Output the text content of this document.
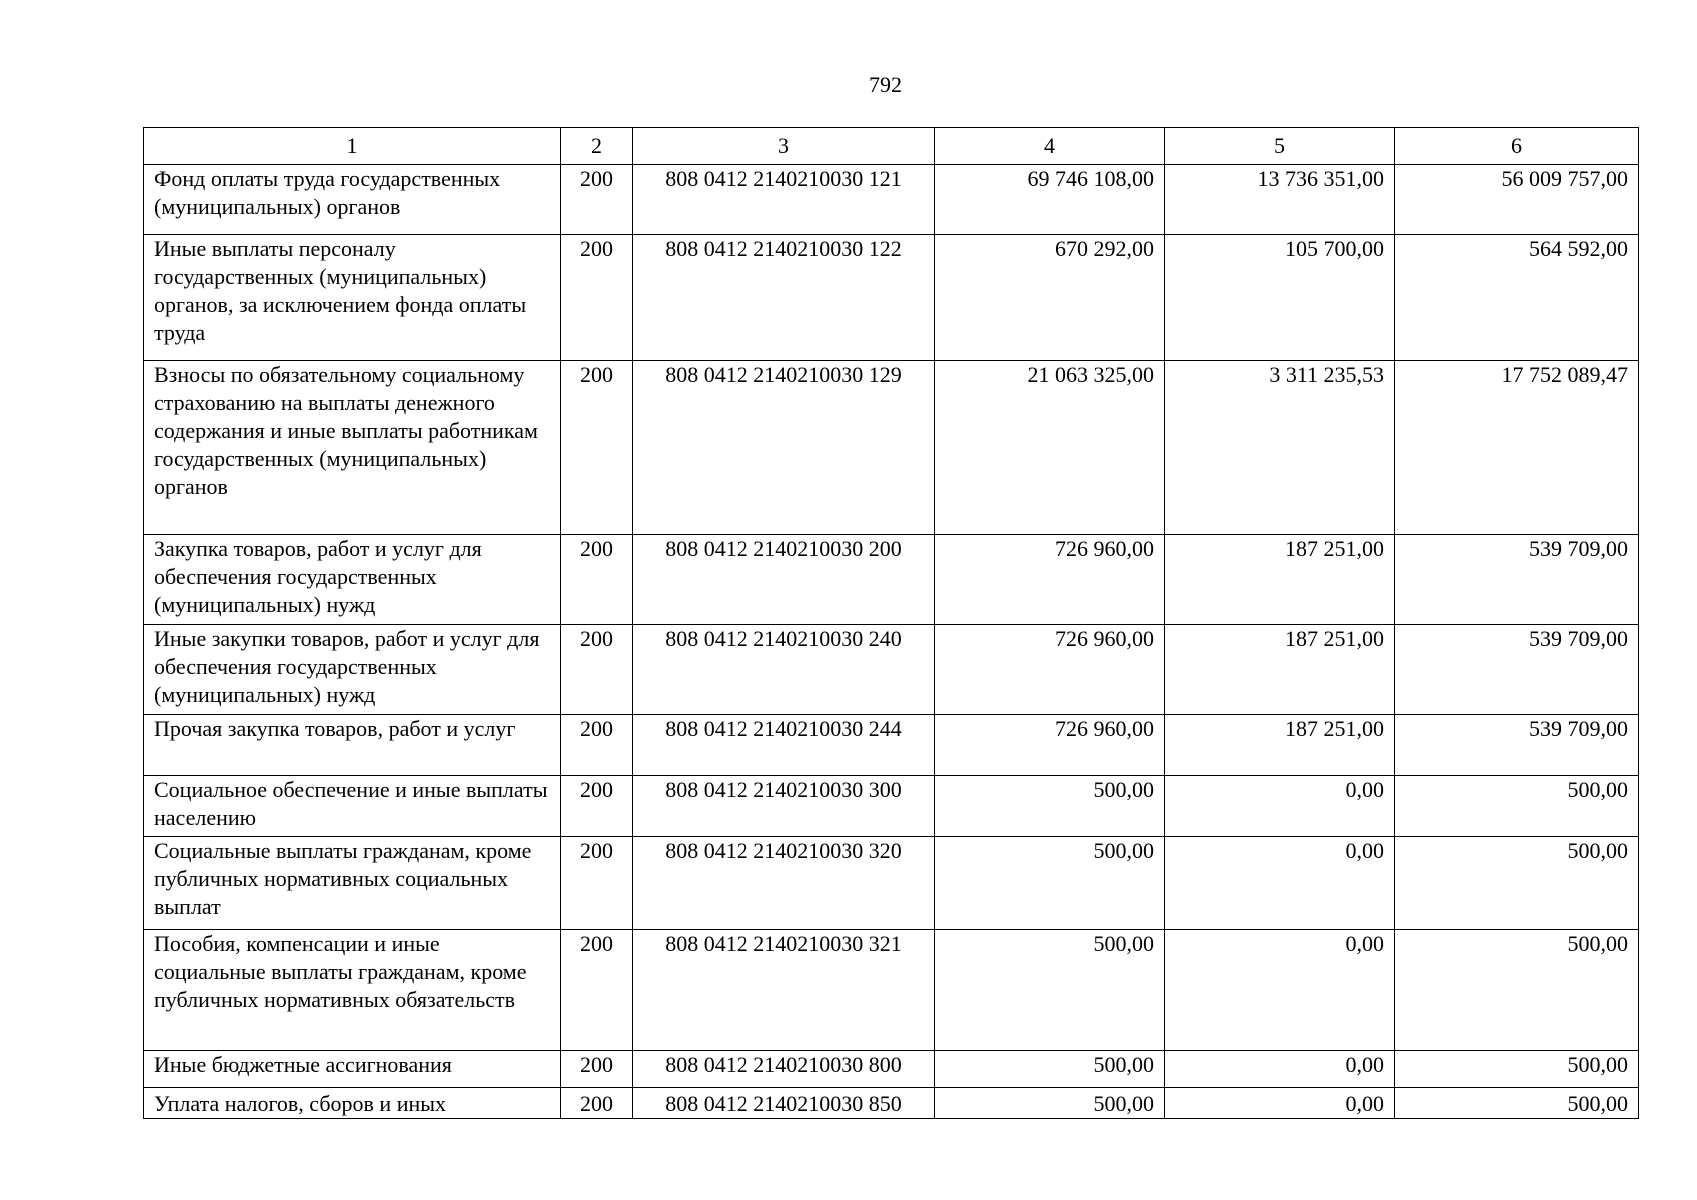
792
1	2	3	4	5	6
Фонд оплаты труда государственных (муниципальных) органов	200	808 0412 2140210030 121	69 746 108,00	13 736 351,00	56 009 757,00
Иные выплаты персоналу государственных (муниципальных) органов, за исключением фонда оплаты труда	200	808 0412 2140210030 122	670 292,00	105 700,00	564 592,00
Взносы по обязательному социальному страхованию на выплаты денежного содержания и иные выплаты работникам государственных (муниципальных) органов	200	808 0412 2140210030 129	21 063 325,00	3 311 235,53	17 752 089,47
Закупка товаров, работ и услуг для обеспечения государственных (муниципальных) нужд	200	808 0412 2140210030 200	726 960,00	187 251,00	539 709,00
Иные закупки товаров, работ и услуг для обеспечения государственных (муниципальных) нужд	200	808 0412 2140210030 240	726 960,00	187 251,00	539 709,00
Прочая закупка товаров, работ и услуг	200	808 0412 2140210030 244	726 960,00	187 251,00	539 709,00
Социальное обеспечение и иные выплаты населению	200	808 0412 2140210030 300	500,00	0,00	500,00
Социальные выплаты гражданам, кроме публичных нормативных социальных выплат	200	808 0412 2140210030 320	500,00	0,00	500,00
Пособия, компенсации и иные социальные выплаты гражданам, кроме публичных нормативных обязательств	200	808 0412 2140210030 321	500,00	0,00	500,00
Иные бюджетные ассигнования	200	808 0412 2140210030 800	500,00	0,00	500,00
Уплата налогов, сборов и иных	200	808 0412 2140210030 850	500,00	0,00	500,00
